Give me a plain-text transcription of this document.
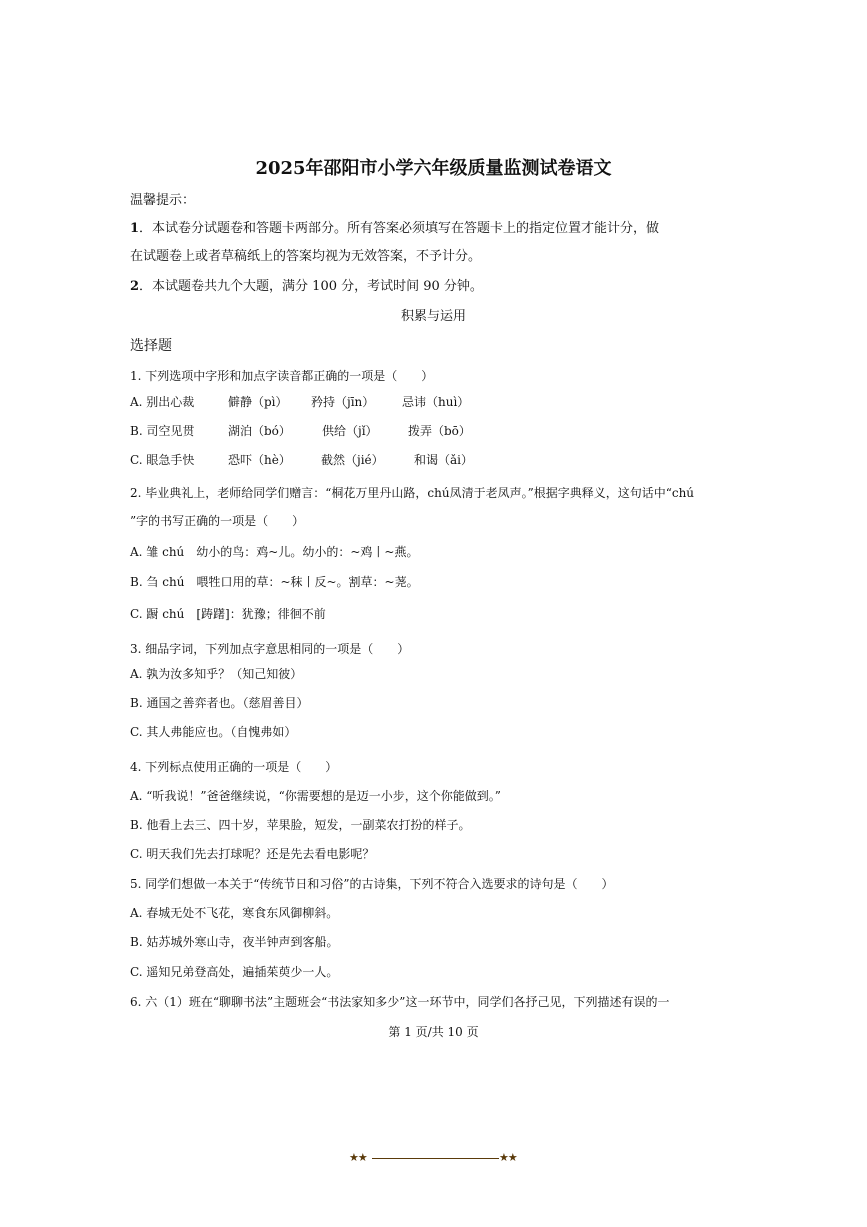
2025年邵阳市小学六年级质量监测试卷语文
温馨提示：
1．本试卷分试题卷和答题卡两部分。所有答案必须填写在答题卡上的指定位置才能计分，做
在试题卷上或者草稿纸上的答案均视为无效答案，不予计分。
2．本试题卷共九个大题，满分 100 分，考试时间 90 分钟。
积累与运用
选择题
1. 下列选项中字形和加点字读音都正确的一项是（　　）
A. 别出心裁	僻静（pì） 矜持（jīn） 忌讳（huì）
B. 司空见贯	湖泊（bó）	供给（jǐ）	拨弄（bō）
C. 眼急手快	恐吓（hè）	截然（jié）	和谒（ǎi）
2. 毕业典礼上，老师给同学们赠言：“桐花万里丹山路，chú凤清于老凤声。”根据字典释义，这句话中“chú
”字的书写正确的一项是（　　）
A. 雏 chú　幼小的鸟：鸡~儿。幼小的：~鸡丨~燕。
B. 刍 chú　喂牲口用的草：~秣丨反~。割草：~荛。
C. 蹰 chú　[踌躇]：犹豫；徘徊不前
3. 细品字词，下列加点字意思相同的一项是（　　）
A. 孰为汝多知乎？（知己知彼）
B. 通国之善弈者也。（慈眉善目）
C. 其人弗能应也。（自愧弗如）
4. 下列标点使用正确的一项是（　　）
A. “听我说！”爸爸继续说，“你需要想的是迈一小步，这个你能做到。”
B. 他看上去三、四十岁，苹果脸，短发，一副菜农打扮的样子。
C. 明天我们先去打球呢？还是先去看电影呢？
5. 同学们想做一本关于“传统节日和习俗”的古诗集，下列不符合入选要求的诗句是（　　）
A. 春城无处不飞花，寒食东风御柳斜。
B. 姑苏城外寒山寺，夜半钟声到客船。
C. 遥知兄弟登高处，遍插茱萸少一人。
6. 六（1）班在“聊聊书法”主题班会“书法家知多少”这一环节中，同学们各抒己见，下列描述有误的一
第 1 页/共 10 页
★★	★★
